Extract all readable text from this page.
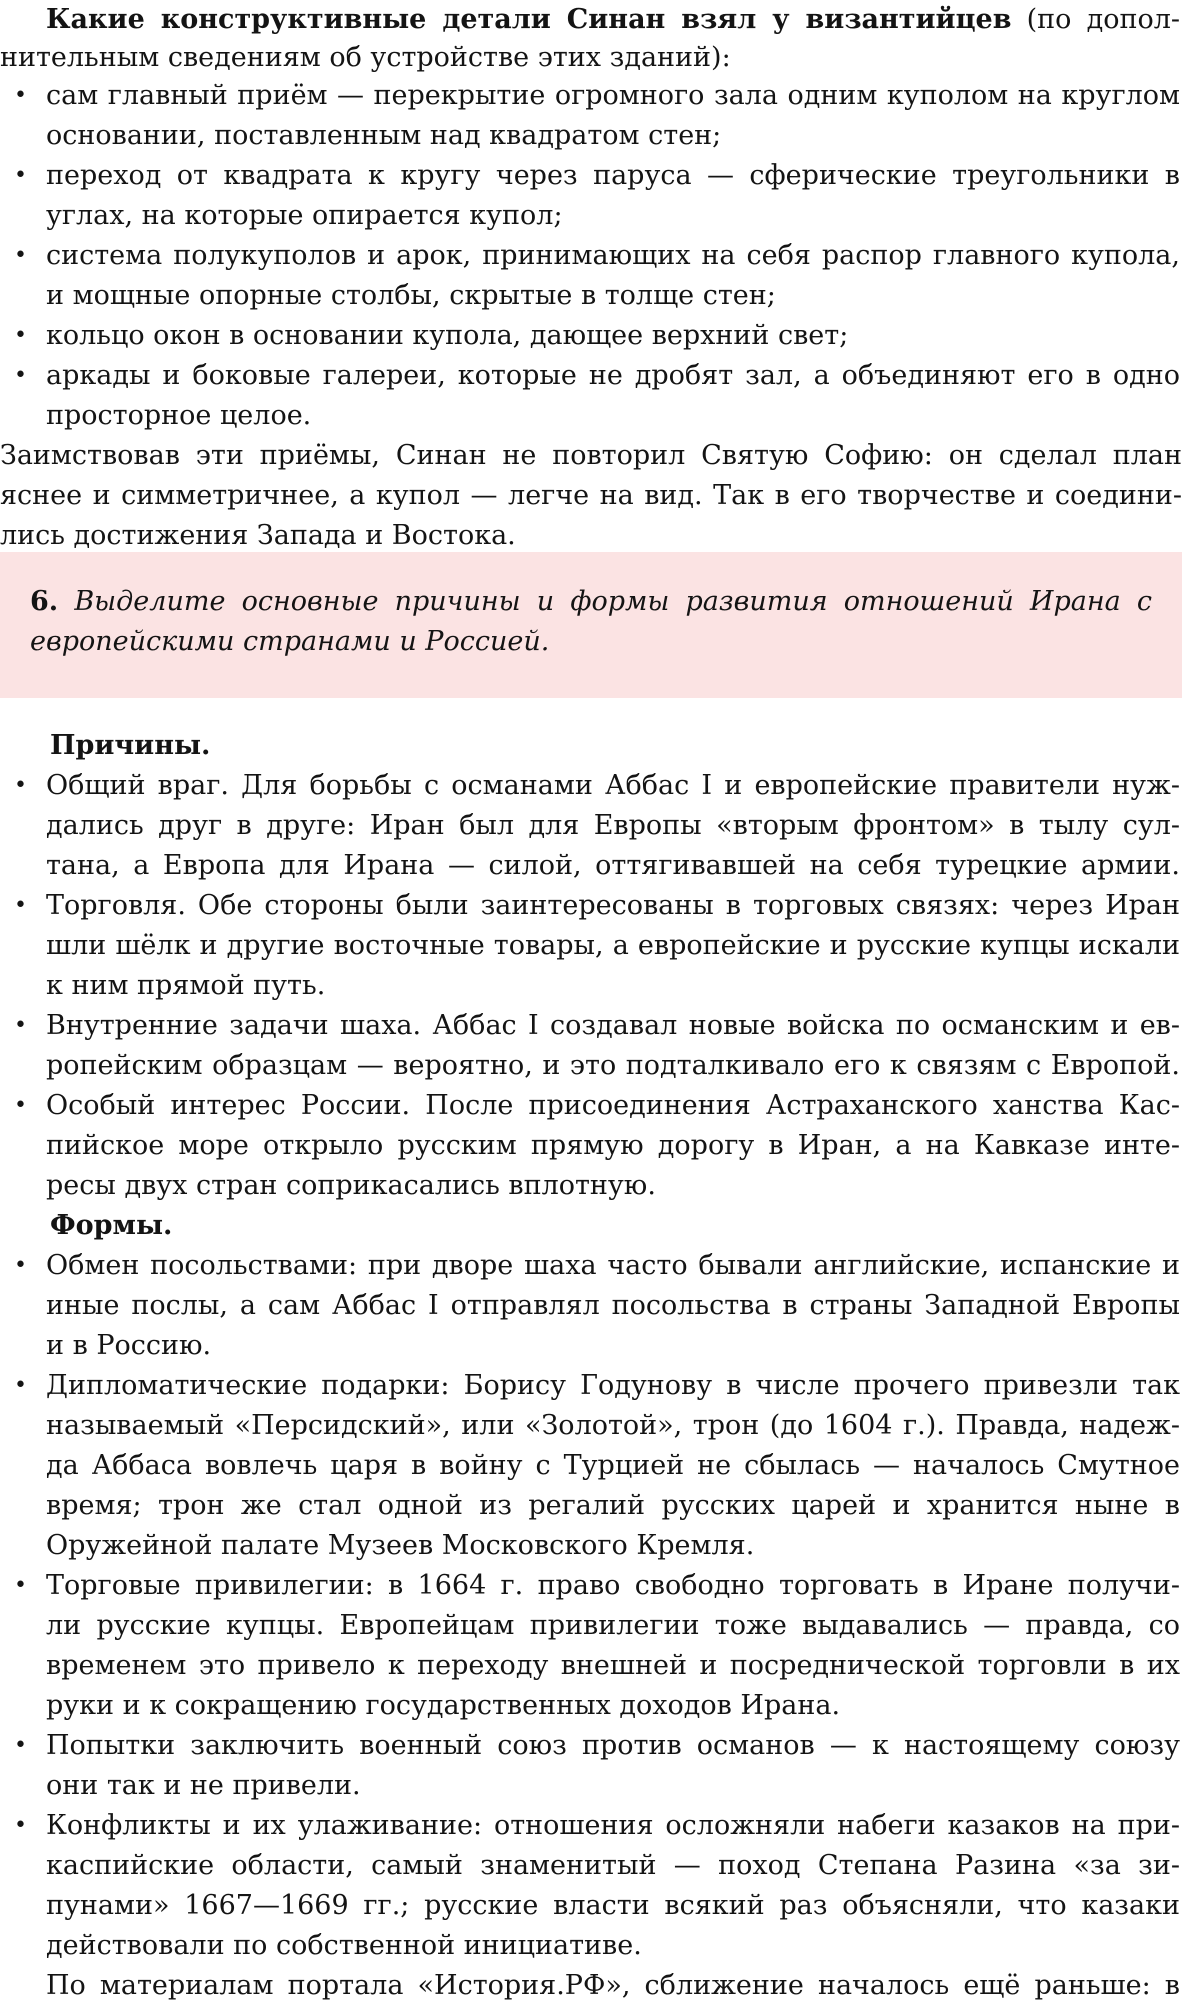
Какие конструктивные детали Синан взял у византийцев (по допол-
нительным сведениям об устройстве этих зданий):
• сам главный приём — перекрытие огромного зала одним куполом на круглом
основании, поставленным над квадратом стен;
• переход от квадрата к кругу через паруса — сферические треугольники в
углах, на которые опирается купол;
• система полукуполов и арок, принимающих на себя распор главного купола,
и мощные опорные столбы, скрытые в толще стен;
• кольцо окон в основании купола, дающее верхний свет;
• аркады и боковые галереи, которые не дробят зал, а объединяют его в одно
просторное целое.
Заимствовав эти приёмы, Синан не повторил Святую Софию: он сделал план
яснее и симметричнее, а купол — легче на вид. Так в его творчестве и соедини-
лись достижения Запада и Востока.
6. Выделите основные причины и формы развития отношений Ирана с
европейскими странами и Россией.
Причины.
• Общий враг. Для борьбы с османами Аббас I и европейские правители нуж-
дались друг в друге: Иран был для Европы «вторым фронтом» в тылу сул-
тана, а Европа для Ирана — силой, оттягивавшей на себя турецкие армии.
• Торговля. Обе стороны были заинтересованы в торговых связях: через Иран
шли шёлк и другие восточные товары, а европейские и русские купцы искали
к ним прямой путь.
• Внутренние задачи шаха. Аббас I создавал новые войска по османским и ев-
ропейским образцам — вероятно, и это подталкивало его к связям с Европой.
• Особый интерес России. После присоединения Астраханского ханства Кас-
пийское море открыло русским прямую дорогу в Иран, а на Кавказе инте-
ресы двух стран соприкасались вплотную.
Формы.
• Обмен посольствами: при дворе шаха часто бывали английские, испанские и
иные послы, а сам Аббас I отправлял посольства в страны Западной Европы
и в Россию.
• Дипломатические подарки: Борису Годунову в числе прочего привезли так
называемый «Персидский», или «Золотой», трон (до 1604 г.). Правда, надеж-
да Аббаса вовлечь царя в войну с Турцией не сбылась — началось Смутное
время; трон же стал одной из регалий русских царей и хранится ныне в
Оружейной палате Музеев Московского Кремля.
• Торговые привилегии: в 1664 г. право свободно торговать в Иране получи-
ли русские купцы. Европейцам привилегии тоже выдавались — правда, со
временем это привело к переходу внешней и посреднической торговли в их
руки и к сокращению государственных доходов Ирана.
• Попытки заключить военный союз против османов — к настоящему союзу
они так и не привели.
• Конфликты и их улаживание: отношения осложняли набеги казаков на при-
каспийские области, самый знаменитый — поход Степана Разина «за зи-
пунами» 1667—1669 гг.; русские власти всякий раз объясняли, что казаки
действовали по собственной инициативе.
По материалам портала «История.РФ», сближение началось ещё раньше: в
